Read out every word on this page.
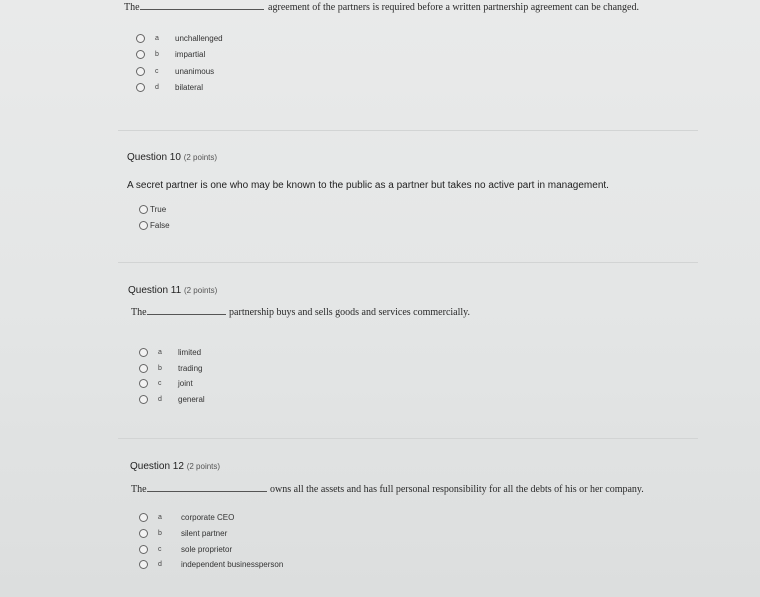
The	agreement of the partners is required before a written partnership agreement can be changed.
a	unchallenged
b	impartial
c	unanimous
d	bilateral
Question 10 (2 points)
A secret partner is one who may be known to the public as a partner but takes no active part in management.
True
False
Question 11 (2 points)
The	partnership buys and sells goods and services commercially.
a	limited
b	trading
c	joint
d	general
Question 12 (2 points)
The	owns all the assets and has full personal responsibility for all the debts of his or her company.
a	corporate CEO
b	silent partner
c	sole proprietor
d	independent businessperson
